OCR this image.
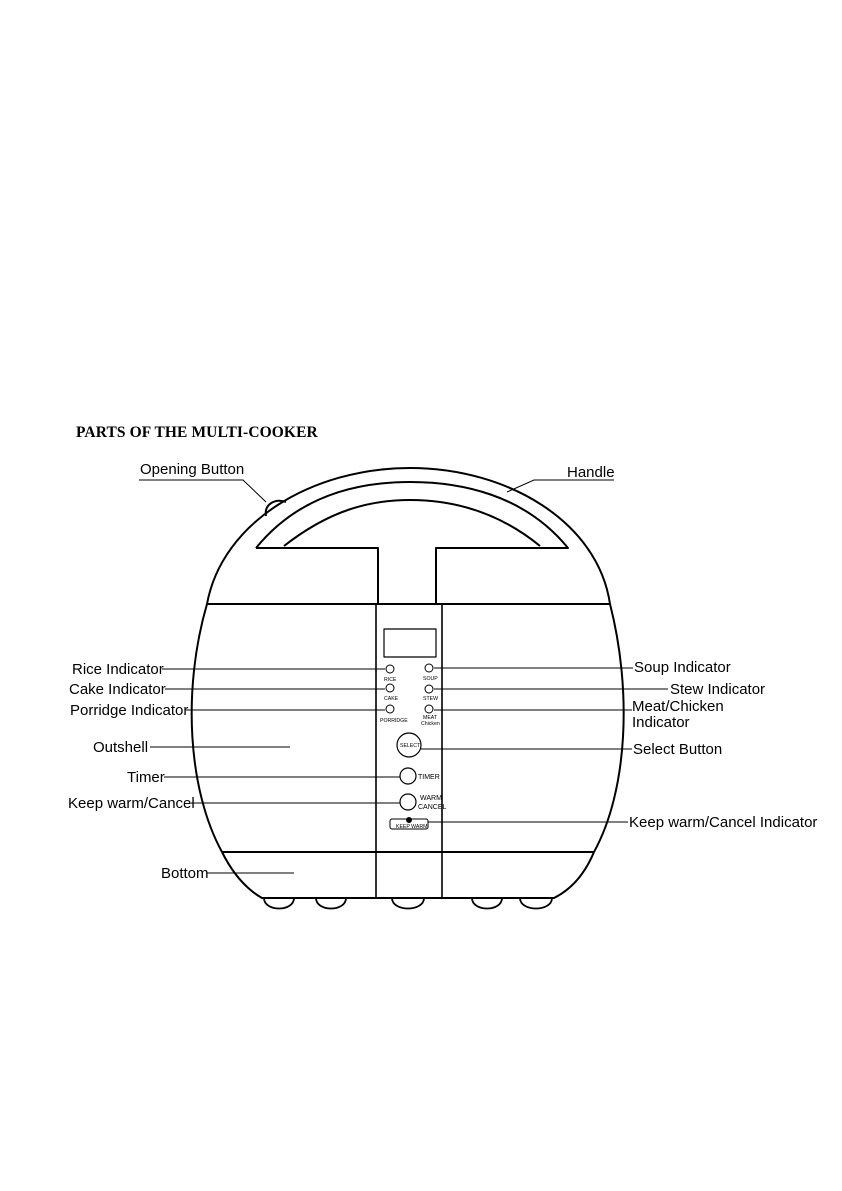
PARTS OF THE MULTI-COOKER
RICE
CAKE
PORRIDGE
SOUP
STEW
MEAT
Chicken
SELECT
TIMER
WARM
CANCEL
KEEP WARM
Opening Button	Handle
Rice Indicator
Cake Indicator
Porridge Indicator
Outshell
Timer
Keep warm/Cancel
Bottom
Soup Indicator
Stew Indicator
Meat/Chicken
Indicator
Select Button
Keep warm/Cancel Indicator
